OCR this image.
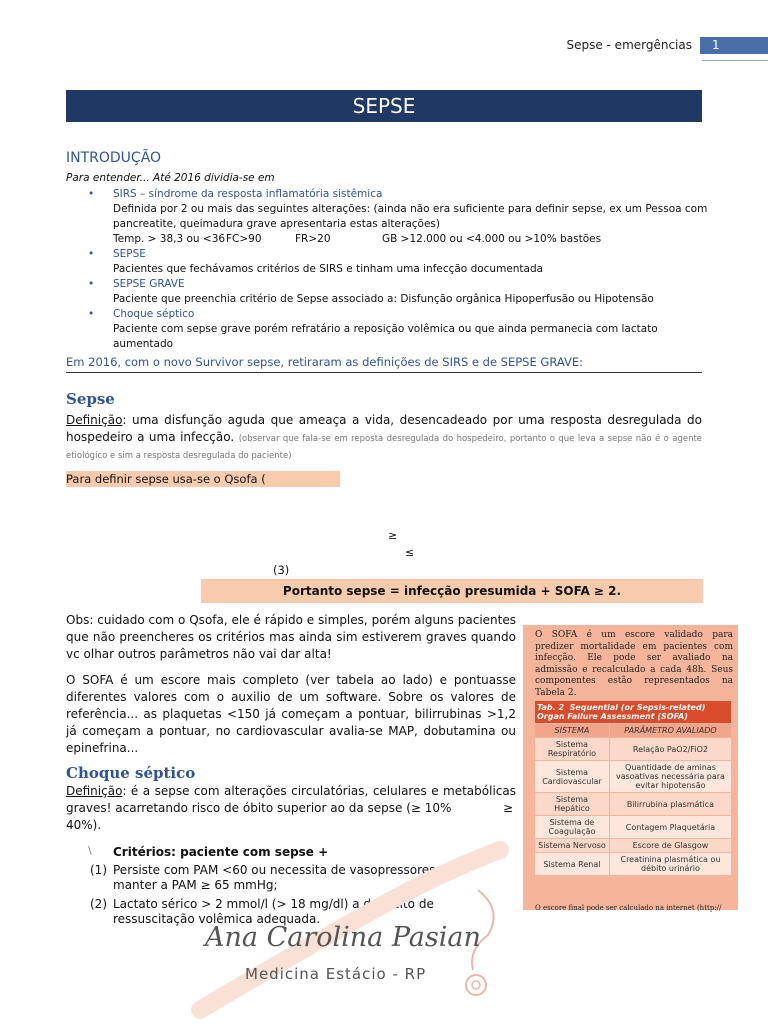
Sepse - emergências	1
SEPSE
INTRODUÇÃO
Para entender... Até 2016 dividia-se em
• SIRS – síndrome da resposta inflamatória sistêmica
Definida por 2 ou mais das seguintes alterações: (ainda não era suficiente para definir sepse, ex um Pessoa com pancreatite, queimadura grave apresentaria estas alterações)
Temp. > 38,3 ou <36FC>90	FR>20	GB >12.000 ou <4.000 ou >10% bastões
• SEPSE
Pacientes que fechávamos critérios de SIRS e tinham uma infecção documentada
• SEPSE GRAVE
Paciente que preenchia critério de Sepse associado a: Disfunção orgânica Hipoperfusão ou Hipotensão
• Choque séptico
Paciente com sepse grave porém refratário a reposição volêmica ou que ainda permanecia com lactato aumentado
Em 2016, com o novo Survivor sepse, retiraram as definições de SIRS e de SEPSE GRAVE:
Sepse
Definição: uma disfunção aguda que ameaça a vida, desencadeado por uma resposta desregulada do hospedeiro a uma infecção. (observar que fala-se em reposta desregulada do hospedeiro, portanto o que leva a sepse não é o agente etiológico e sim a resposta desregulada do paciente)
Para definir sepse usa-se o Qsofa (
≥
≤
(3)
Portanto sepse = infecção presumida + SOFA ≥ 2.
Obs: cuidado com o Qsofa, ele é rápido e simples, porém alguns pacientes que não preencheres os critérios mas ainda sim estiverem graves quando vc olhar outros parâmetros não vai dar alta!
O SOFA é um escore mais completo (ver tabela ao lado) e pontuasse diferentes valores com o auxilio de um software. Sobre os valores de referência... as plaquetas <150 já começam a pontuar, bilirrubinas >1,2 já começam a pontuar, no cardiovascular avalia-se MAP, dobutamina ou epinefrina...
Choque séptico
Definição: é a sepse com alterações circulatórias, celulares e metabólicas graves! acarretando risco de óbito superior ao da sepse (≥ 10%	≥
40%).
\ Critérios: paciente com sepse +
(1) Persiste com PAM <60 ou necessita de vasopressores para manter a PAM ≥ 65 mmHg;
(2) Lactato sérico > 2 mmol/l (> 18 mg/dl) a despeito de ressuscitação volêmica adequada.
O SOFA é um escore validado para predizer mortalidade em pacientes com infecção. Ele pode ser avaliado na admissão e recalculado a cada 48h. Seus componentes estão representados na Tabela 2.
Tab. 2 Sequential (or Sepsis-related) Organ Failure Assessment (SOFA)	
SISTEMA	PARÂMETRO AVALIADO
Sistema Respiratório	Relação PaO2/FiO2
Sistema Cardiovascular	Quantidade de aminas vasoativas necessária para evitar hipotensão
Sistema Hepático	Bilirrubina plasmática
Sistema de Coagulação	Contagem Plaquetária
Sistema Nervoso	Escore de Glasgow
Sistema Renal	Creatinina plasmática ou débito urinário
O escore final pode ser calculado na internet (http://
Ana Carolina Pasian
Medicina Estácio - RP
